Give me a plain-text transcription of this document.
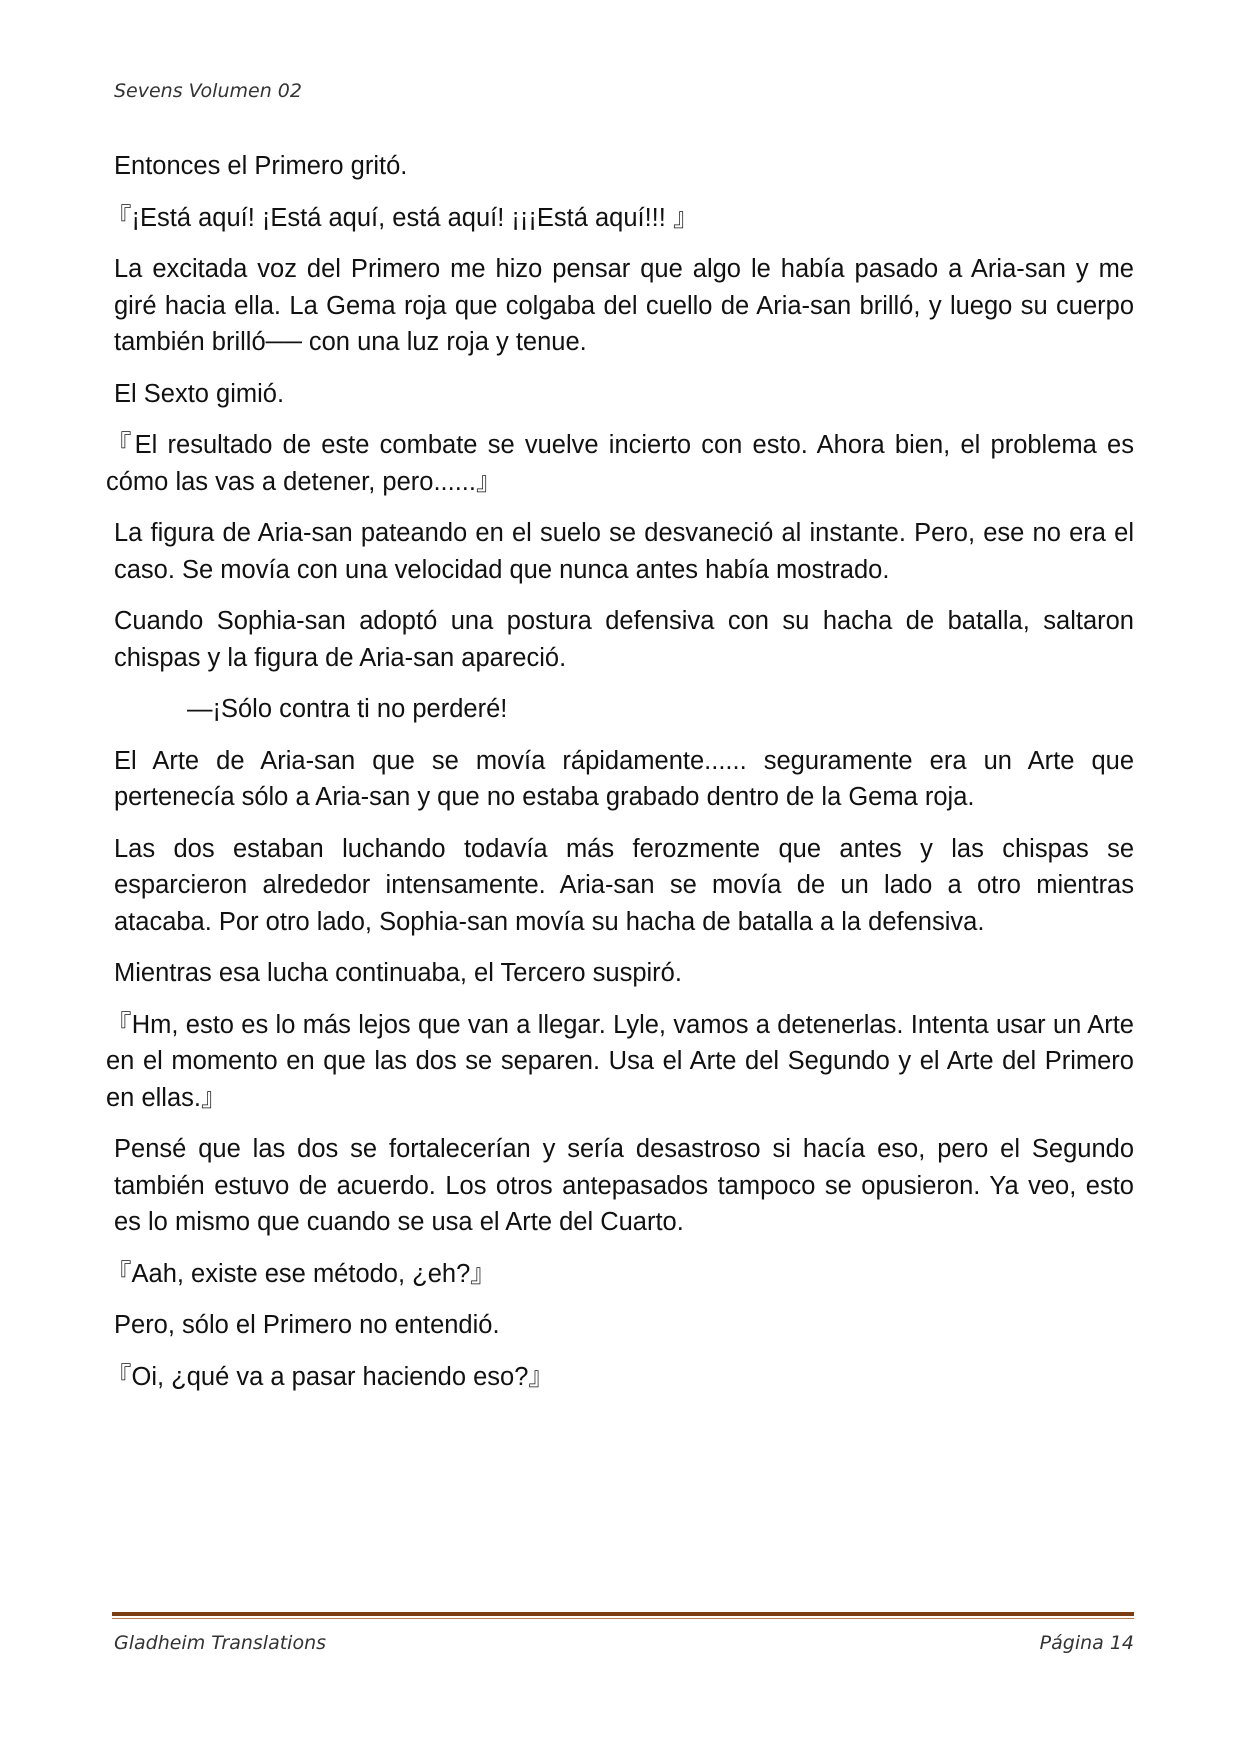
Sevens Volumen 02

Entonces el Primero gritó.

『¡Está aquí! ¡Está aquí, está aquí! ¡¡¡Está aquí!!! 』

La excitada voz del Primero me hizo pensar que algo le había pasado a Aria-san y me giré hacia ella. La Gema roja que colgaba del cuello de Aria-san brilló, y luego su cuerpo también brilló── con una luz roja y tenue.

El Sexto gimió.

『El resultado de este combate se vuelve incierto con esto. Ahora bien, el problema es cómo las vas a detener, pero......』

La figura de Aria-san pateando en el suelo se desvaneció al instante. Pero, ese no era el caso. Se movía con una velocidad que nunca antes había mostrado.

Cuando Sophia-san adoptó una postura defensiva con su hacha de batalla, saltaron chispas y la figura de Aria-san apareció.

—¡Sólo contra ti no perderé!

El Arte de Aria-san que se movía rápidamente...... seguramente era un Arte que pertenecía sólo a Aria-san y que no estaba grabado dentro de la Gema roja.

Las dos estaban luchando todavía más ferozmente que antes y las chispas se esparcieron alrededor intensamente. Aria-san se movía de un lado a otro mientras atacaba. Por otro lado, Sophia-san movía su hacha de batalla a la defensiva.

Mientras esa lucha continuaba, el Tercero suspiró.

『Hm, esto es lo más lejos que van a llegar. Lyle, vamos a detenerlas. Intenta usar un Arte en el momento en que las dos se separen. Usa el Arte del Segundo y el Arte del Primero en ellas.』

Pensé que las dos se fortalecerían y sería desastroso si hacía eso, pero el Segundo también estuvo de acuerdo. Los otros antepasados tampoco se opusieron. Ya veo, esto es lo mismo que cuando se usa el Arte del Cuarto.

『Aah, existe ese método, ¿eh?』

Pero, sólo el Primero no entendió.

『Oi, ¿qué va a pasar haciendo eso?』

Gladheim Translations	Página 14
